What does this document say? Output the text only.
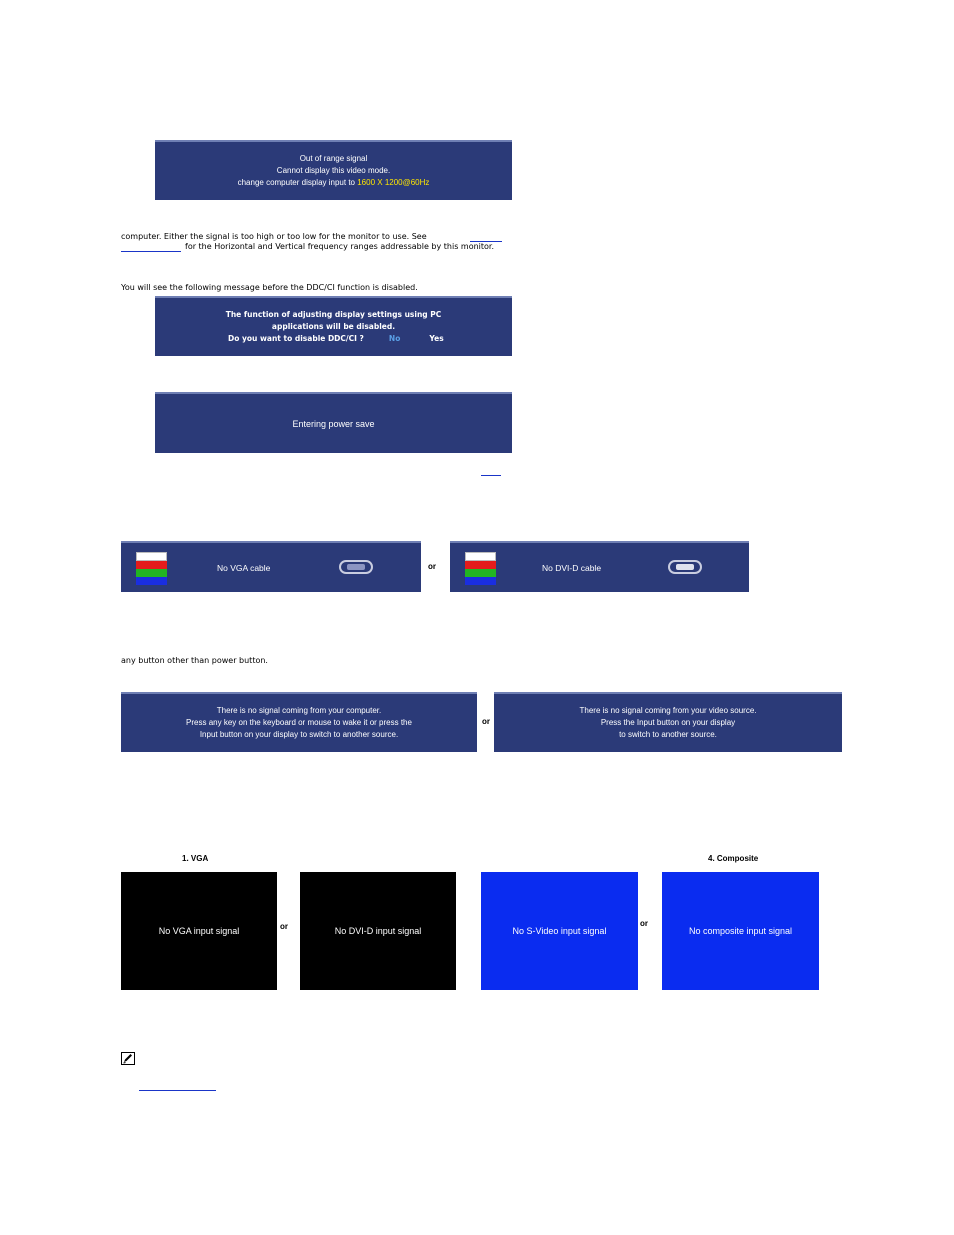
Out of range signal
Cannot display this video mode.
change computer display input to 1600 X 1200@60Hz
computer. Either the signal is too high or too low for the monitor to use. See
for the Horizontal and Vertical frequency ranges addressable by this monitor.
You will see the following message before the DDC/CI function is disabled.
The function of adjusting display settings using PC
applications will be disabled.
Do you want to disable DDC/CI ?	No	Yes
Entering power save
No VGA cable	or	No DVI-D cable
any button other than power button.
There is no signal coming from your computer.
Press any key on the keyboard or mouse to wake it or press the
Input button on your display to switch to another source.
or
There is no signal coming from your video source.
Press the Input button on your display
to switch to another source.
1. VGA	4. Composite
No VGA input signal	or	No DVI-D input signal	No S-Video input signal
or
No composite input signal
